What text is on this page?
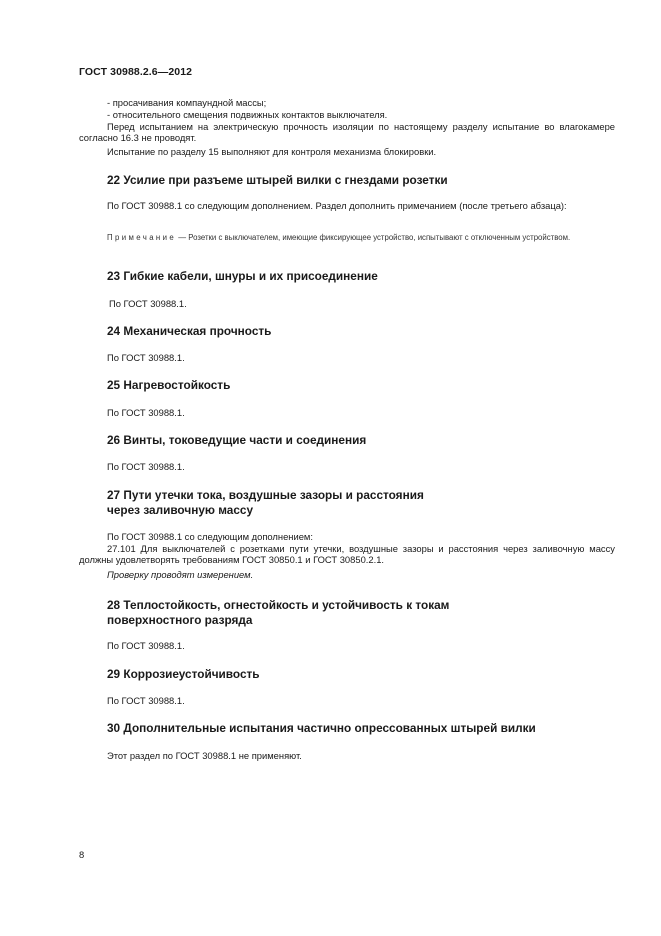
ГОСТ 30988.2.6—2012
- просачивания компаундной массы;
- относительного смещения подвижных контактов выключателя.
Перед испытанием на электрическую прочность изоляции по настоящему разделу испытание во влагокамере согласно 16.3 не проводят.
Испытание по разделу 15 выполняют для контроля механизма блокировки.
22 Усилие при разъеме штырей вилки с гнездами розетки
По ГОСТ 30988.1 со следующим дополнением. Раздел дополнить примечанием (после третьего абзаца):
Примечание — Розетки с выключателем, имеющие фиксирующее устройство, испытывают с отключенным устройством.
23 Гибкие кабели, шнуры и их присоединение
По ГОСТ 30988.1.
24 Механическая прочность
По ГОСТ 30988.1.
25 Нагревостойкость
По ГОСТ 30988.1.
26 Винты, токоведущие части и соединения
По ГОСТ 30988.1.
27 Пути утечки тока, воздушные зазоры и расстояния
через заливочную массу
По ГОСТ 30988.1 со следующим дополнением:
27.101 Для выключателей с розетками пути утечки, воздушные зазоры и расстояния через заливочную массу должны удовлетворять требованиям ГОСТ 30850.1 и ГОСТ 30850.2.1.
Проверку проводят измерением.
28 Теплостойкость, огнестойкость и устойчивость к токам
поверхностного разряда
По ГОСТ 30988.1.
29 Коррозиеустойчивость
По ГОСТ 30988.1.
30 Дополнительные испытания частично опрессованных штырей вилки
Этот раздел по ГОСТ 30988.1 не применяют.
8
